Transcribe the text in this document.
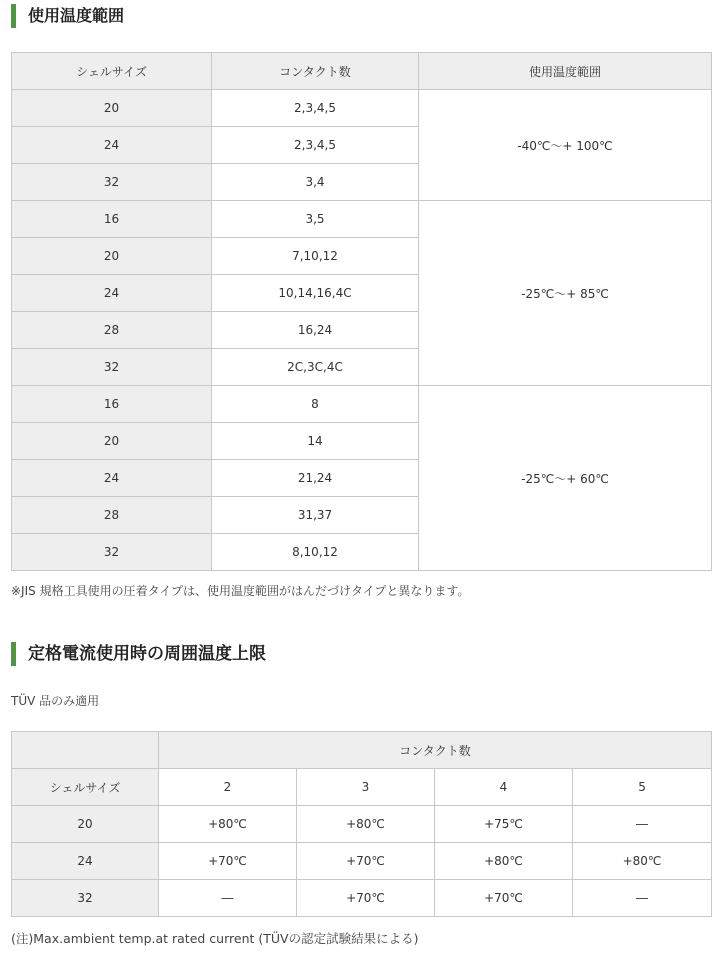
使用温度範囲
シェルサイズ	コンタクト数	使用温度範囲
20	2,3,4,5	-40℃～+ 100℃
24	2,3,4,5	
32	3,4	
16	3,5	-25℃～+ 85℃
20	7,10,12	
24	10,14,16,4C	
28	16,24	
32	2C,3C,4C	
16	8	-25℃～+ 60℃
20	14	
24	21,24	
28	31,37	
32	8,10,12	
※JIS 規格工具使用の圧着タイプは、使用温度範囲がはんだづけタイプと異なります。
定格電流使用時の周囲温度上限
TÜV 品のみ適用
	コンタクト数			
シェルサイズ	2	3	4	5
20	+80℃	+80℃	+75℃	―
24	+70℃	+70℃	+80℃	+80℃
32	―	+70℃	+70℃	―
(注)Max.ambient temp.at rated current (TÜVの認定試験結果による)
